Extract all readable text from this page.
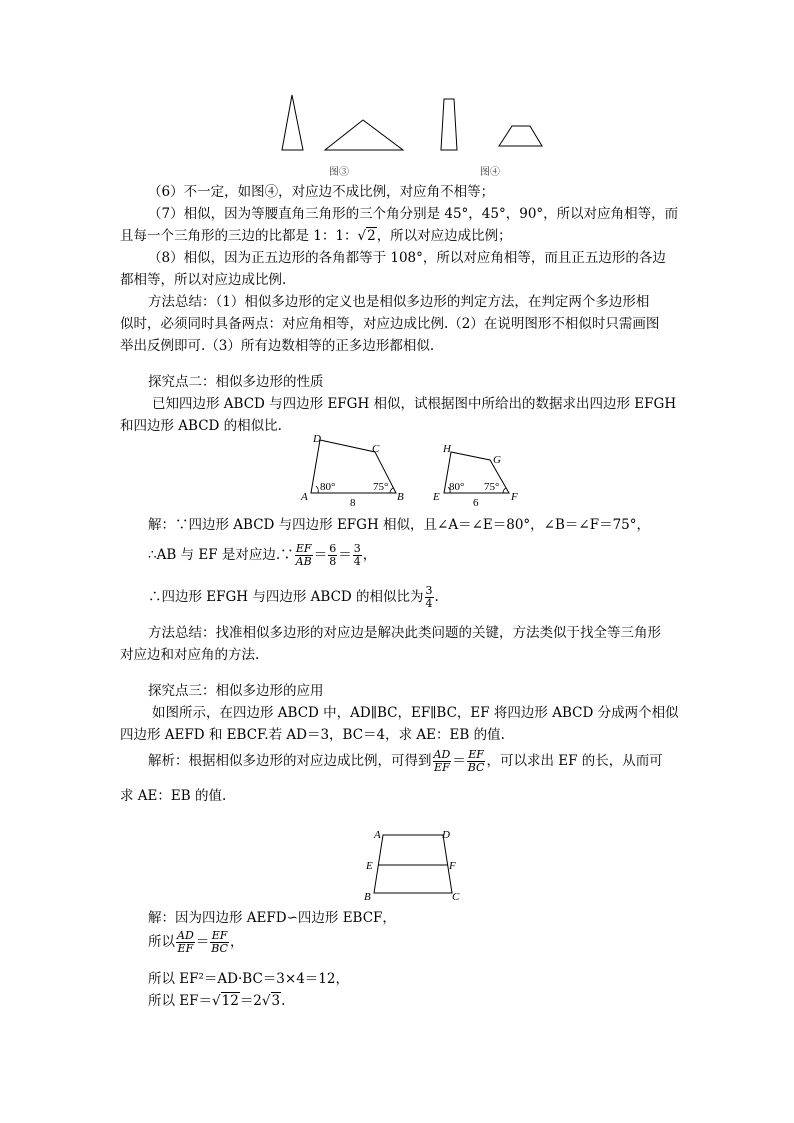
图③	图④
（6）不一定，如图④，对应边不成比例，对应角不相等；
（7）相似，因为等腰直角三角形的三个角分别是 45°，45°，90°，所以对应角相等，而
且每一个三角形的三边的比都是 1：1：√2，所以对应边成比例；
（8）相似，因为正五边形的各角都等于 108°，所以对应角相等，而且正五边形的各边
都相等，所以对应边成比例.
方法总结：（1）相似多边形的定义也是相似多边形的判定方法，在判定两个多边形相
似时，必须同时具备两点：对应角相等，对应边成比例.（2）在说明图形不相似时只需画图
举出反例即可.（3）所有边数相等的正多边形都相似.
探究点二：相似多边形的性质
已知四边形 ABCD 与四边形 EFGH 相似，试根据图中所给出的数据求出四边形 EFGH
和四边形 ABCD 的相似比.
A	B
C
D
80°	75°
8	E	F
G
H
80° 75°
6
解：∵四边形 ABCD 与四边形 EFGH 相似，且∠A＝∠E＝80°，∠B＝∠F＝75°，
∴AB 与 EF 是对应边.∵ $\frac{EF}{AB} = \frac{6}{8} = \frac{3}{4}$ ，
∴四边形 EFGH 与四边形 ABCD 的相似比为 $\frac{3}{4}$ .
方法总结：找准相似多边形的对应边是解决此类问题的关键，方法类似于找全等三角形
对应边和对应角的方法.
探究点三：相似多边形的应用
如图所示，在四边形 ABCD 中，AD∥BC，EF∥BC，EF 将四边形 ABCD 分成两个相似
四边形 AEFD 和 EBCF.若 AD＝3，BC＝4，求 AE：EB 的值.
解析：根据相似多边形的对应边成比例，可得到 $\frac{AD}{EF} = \frac{EF}{BC}$ ，可以求出 EF 的长，从而可
求 AE：EB 的值.
A	D
E	F
B	C
解：因为四边形 AEFD∽四边形 EBCF，
所以 $\frac{AD}{EF} = \frac{EF}{BC}$ ，
所以 EF²＝AD·BC＝3×4＝12，
所以 EF＝√12＝2√3.
